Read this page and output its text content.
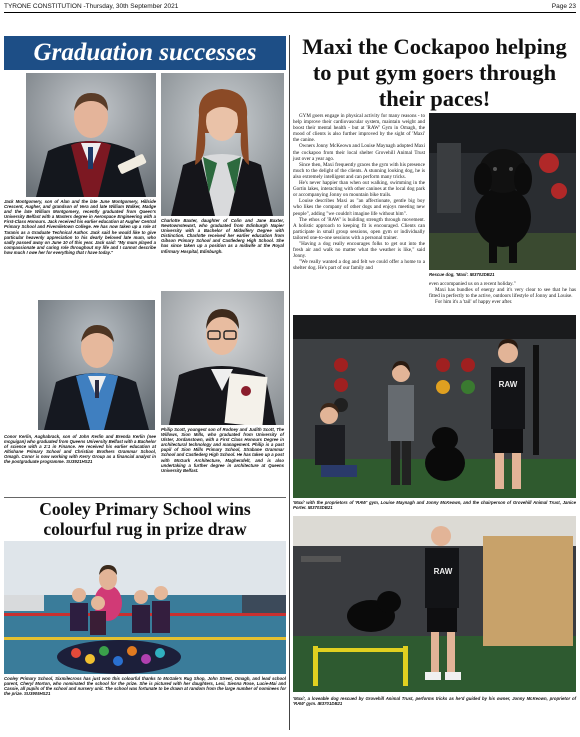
TYRONE CONSTITUTION -Thursday, 30th September 2021	Page 23
Graduation successes
Jack Montgomery, son of Alan and the late June Montgomery, Hillside Crescent, Augher, and grandson of Vera and late William Walker, Madge and the late William Montgomery, recently graduated from Queen's University Belfast with a Masters degree in Aerospace Engineering with a First-Class Honours. Jack received his earlier education at Augher Central Primary School and Fivemiletown College. He has now taken up a role at Taranis as a Graduate Technical Author. Jack said he would like to give particular heavenly appreciation to his dearly beloved late mum, who sadly passed away on June 10 of this year. Jack said: "My mum played a compassionate and caring role throughout my life and I cannot describe how much I owe her for everything that I have today."
Charlotte Baxter, daughter of Colin and Jane Baxter, Newtownstewart, who graduated from Edinburgh Napier University with a Bachelor of Midwifery Degree with Distinction. Charlotte received her earlier education from Gibson Primary School and Castlederg High School. She has since taken up a position as a midwife at the Royal Infirmary Hospital, Edinburgh.
Conor Kerlin, Aughabrack, son of John Kerlin and Brenda Kerlin (nee mcguigan) who graduated from Queens University Belfast with a Bachelor of science with a 2:1 in Finance. He received his earlier education at Altishane Primary School and Christian Brothers Grammar School, Omagh. Conor is now working with Kerry Group as a financial analyst in the postgraduate programme. SU3921HS21
Philip Scott, youngest son of Rodney and Judith Scott, The Willows, Sion Mills, who graduated from University of Ulster, Jordanstown, with a First Class Honours Degree in architectural technology and management. Philip is a past pupil of Sion Mills Primary School, Strabane Grammar School and Castlederg High School. He has taken up a post with McGurk Architecture, Magherafelt, and is also undertaking a further degree in architecture at Queens University Belfast.
Cooley Primary School wins colourful rug in prize draw
Cooley Primary School, Sixmilecross has just won this colourful thanks to McGale's Rug Shop, John Street, Omagh, and lead school parent, Cheryl Morton, who nominated the school for the prize. She is pictured with her daughters, Lexi, Sienna Rose, Lucie-Mai and Cassie, all pupils of the school and nursery unit. The school was fortunate to be drawn at random from the large number of nominees for the prize. SU3905HS21
Maxi the Cockapoo helping to put gym goers through their paces!

GYM goers engage in physical activity for many reasons - to help improve their cardiovascular system, maintain weight and boost their mental health - but at 'RAW' Gym in Omagh, the mood of clients is also further improved by the sight of 'Maxi' the canine.

Owners Jonny McKeown and Louise Maynagh adopted Maxi the cockapoo from their local shelter Grovehill Animal Trust just over a year ago.

Since then, Maxi frequently graces the gym with his presence much to the delight of the clients. A stunning looking dog, he is also extremely intelligent and can perform many tricks.

He's never happier than when out walking, swimming in the Gortin lakes, interacting with other canines at the local dog park or accompanying Jonny on mountain bike trails.

Louise describes Maxi as "an affectionate, gentle big boy who likes the company of other dogs and enjoys meeting new people", adding "we couldn't imagine life without him".

The ethos of 'RAW' is building strength through movement. A holistic approach to keeping fit is encouraged. Clients can participate in small group sessions, open gym or individually tailored one-to-one sessions with a personal trainer.

"Having a dog really encourages folks to get out into the fresh air and walk no matter what the weather is like," said Jonny.

"We really wanted a dog and felt we could offer a home to a shelter dog. He's part of our family and

Rescue dog, 'Maxi'. IB3702DB21

even accompanied us on a recent holiday."

Maxi has bundles of energy and it's very clear to see that he has fitted in perfectly to the active, outdoors lifestyle of Jonny and Louise.

For him it's a 'tail' of happy ever after.

RAW
'Maxi' with the proprietors of 'RAW' gym, Louise Maynagh and Jonny McKeown, and the chairperson of Grovehill Animal Trust, Janice Porter. IB3703DB21
RAW
'Maxi', a loveable dog rescued by Grovehill Animal Trust, performs tricks as he'd guided by his owner, Jonny McKeown, proprietor of 'RAW' gym. IB3701DB21
